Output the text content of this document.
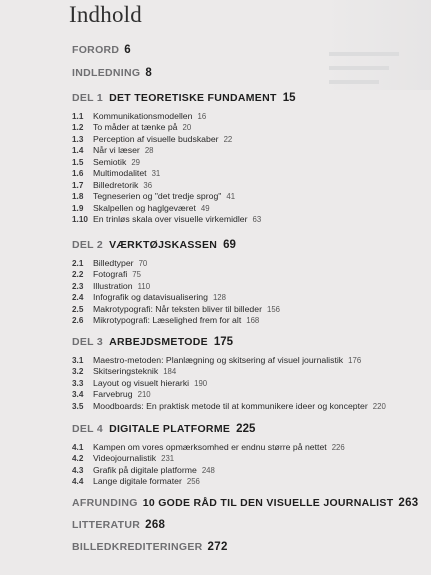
Indhold
FORORD 6
INDLEDNING 8
DEL 1 DET TEORETISKE FUNDAMENT 15
1.1 Kommunikationsmodellen 16
1.2 To måder at tænke på 20
1.3 Perception af visuelle budskaber 22
1.4 Når vi læser 28
1.5 Semiotik 29
1.6 Multimodalitet 31
1.7 Billedretorik 36
1.8 Tegneserien og "det tredje sprog" 41
1.9 Skalpellen og haglgeværet 49
1.10 En trinløs skala over visuelle virkemidler 63
DEL 2 VÆRKTØJSKASSEN 69
2.1 Billedtyper 70
2.2 Fotografi 75
2.3 Illustration 110
2.4 Infografik og datavisualisering 128
2.5 Makrotypografi: Når teksten bliver til billeder 156
2.6 Mikrotypografi: Læselighed frem for alt 168
DEL 3 ARBEJDSMETODE 175
3.1 Maestro-metoden: Planlægning og skitsering af visuel journalistik 176
3.2 Skitseringsteknik 184
3.3 Layout og visuelt hierarki 190
3.4 Farvebrug 210
3.5 Moodboards: En praktisk metode til at kommunikere ideer og koncepter 220
DEL 4 DIGITALE PLATFORME 225
4.1 Kampen om vores opmærksomhed er endnu større på nettet 226
4.2 Videojournalistik 231
4.3 Grafik på digitale platforme 248
4.4 Lange digitale formater 256
AFRUNDING 10 GODE RÅD TIL DEN VISUELLE JOURNALIST 263
LITTERATUR 268
BILLEDKREDITERINGER 272
